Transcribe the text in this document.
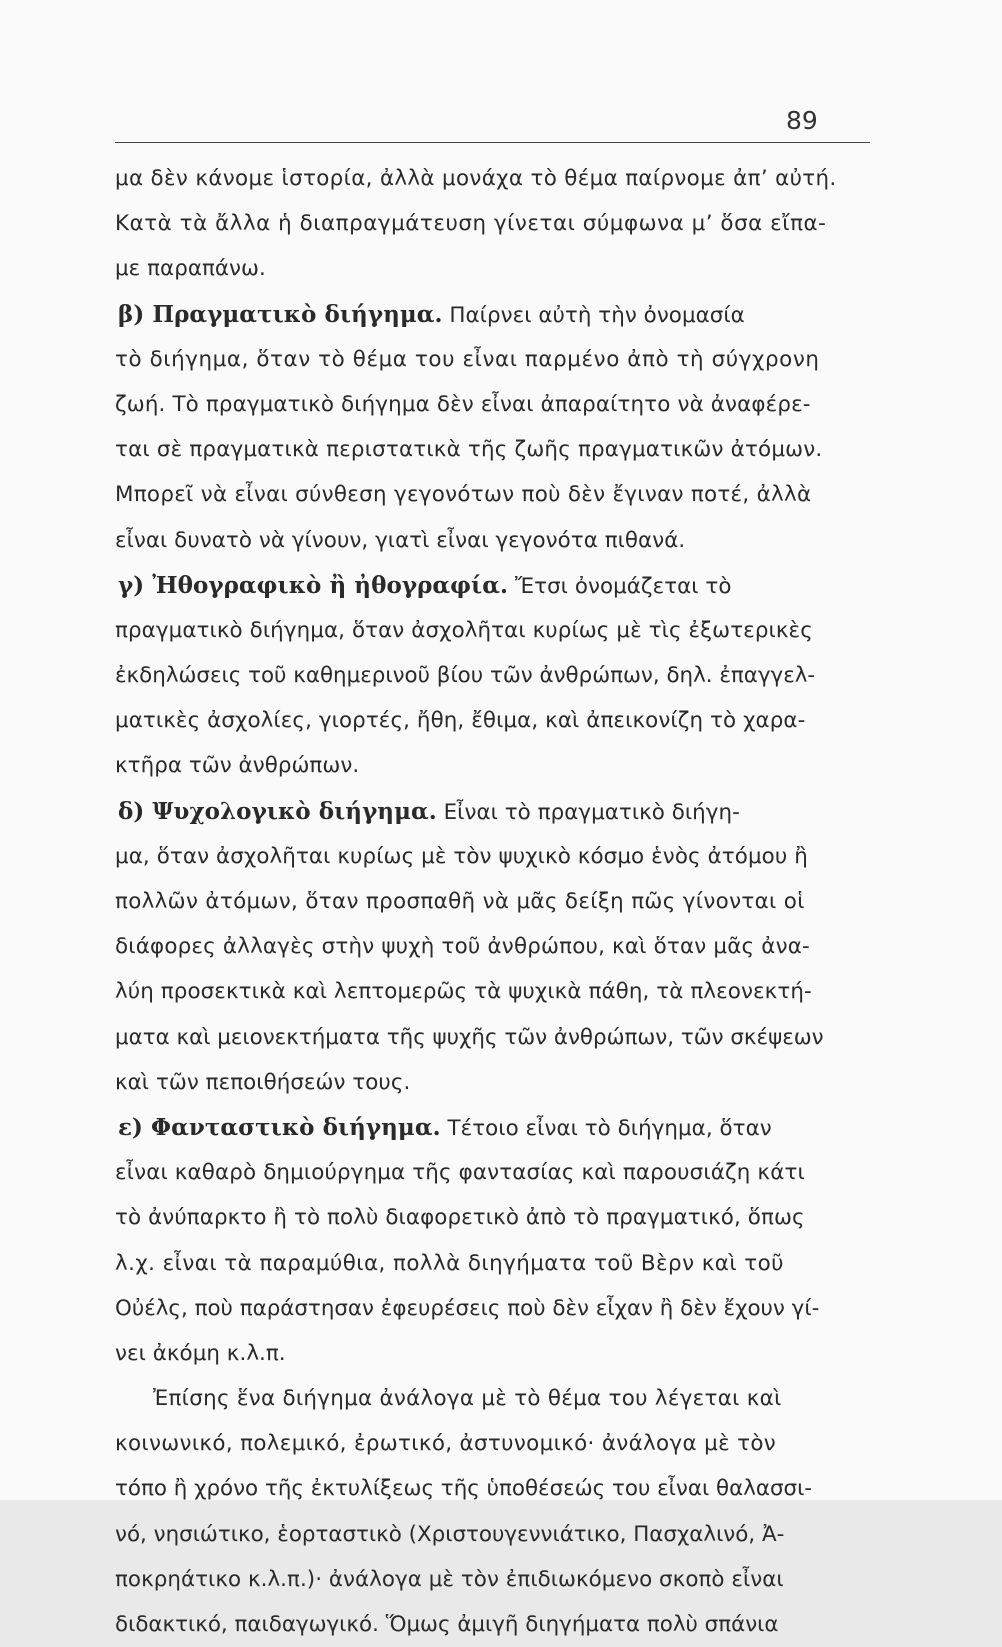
89
μα δὲν κάνομε ἱστορία, ἀλλὰ μονάχα τὸ θέμα παίρνομε ἀπ’ αὐτή.
Κατὰ τὰ ἄλλα ἡ διαπραγμάτευση γίνεται σύμφωνα μ’ ὅσα εἴπα-
με παραπάνω.
β) Πραγματικὸ διήγημα. Παίρνει αὐτὴ τὴν ὀνομασία
τὸ διήγημα, ὅταν τὸ θέμα του εἶναι παρμένο ἀπὸ τὴ σύγχρονη
ζωή. Τὸ πραγματικὸ διήγημα δὲν εἶναι ἀπαραίτητο νὰ ἀναφέρε-
ται σὲ πραγματικὰ περιστατικὰ τῆς ζωῆς πραγματικῶν ἀτόμων.
Μπορεῖ νὰ εἶναι σύνθεση γεγονότων ποὺ δὲν ἔγιναν ποτέ, ἀλλὰ
εἶναι δυνατὸ νὰ γίνουν, γιατὶ εἶναι γεγονότα πιθανά.
γ) Ἠθογραφικὸ ἢ ἠθογραφία. Ἔτσι ὀνομάζεται τὸ
πραγματικὸ διήγημα, ὅταν ἀσχολῆται κυρίως μὲ τὶς ἐξωτερικὲς
ἐκδηλώσεις τοῦ καθημερινοῦ βίου τῶν ἀνθρώπων, δηλ. ἐπαγγελ-
ματικὲς ἀσχολίες, γιορτές, ἤθη, ἔθιμα, καὶ ἀπεικονίζη τὸ χαρα-
κτῆρα τῶν ἀνθρώπων.
δ) Ψυχολογικὸ διήγημα. Εἶναι τὸ πραγματικὸ διήγη-
μα, ὅταν ἀσχολῆται κυρίως μὲ τὸν ψυχικὸ κόσμο ἑνὸς ἀτόμου ἢ
πολλῶν ἀτόμων, ὅταν προσπαθῆ νὰ μᾶς δείξη πῶς γίνονται οἱ
διάφορες ἀλλαγὲς στὴν ψυχὴ τοῦ ἀνθρώπου, καὶ ὅταν μᾶς ἀνα-
λύη προσεκτικὰ καὶ λεπτομερῶς τὰ ψυχικὰ πάθη, τὰ πλεονεκτή-
ματα καὶ μειονεκτήματα τῆς ψυχῆς τῶν ἀνθρώπων, τῶν σκέψεων
καὶ τῶν πεποιθήσεών τους.
ε) Φανταστικὸ διήγημα. Τέτοιο εἶναι τὸ διήγημα, ὅταν
εἶναι καθαρὸ δημιούργημα τῆς φαντασίας καὶ παρουσιάζη κάτι
τὸ ἀνύπαρκτο ἢ τὸ πολὺ διαφορετικὸ ἀπὸ τὸ πραγματικό, ὅπως
λ.χ. εἶναι τὰ παραμύθια, πολλὰ διηγήματα τοῦ Βὲρν καὶ τοῦ
Οὐέλς, ποὺ παράστησαν ἐφευρέσεις ποὺ δὲν εἶχαν ἢ δὲν ἔχουν γί-
νει ἀκόμη κ.λ.π.
Ἐπίσης ἕνα διήγημα ἀνάλογα μὲ τὸ θέμα του λέγεται καὶ
κοινωνικό, πολεμικό, ἐρωτικό, ἀστυνομικό· ἀνάλογα μὲ τὸν
τόπο ἢ χρόνο τῆς ἐκτυλίξεως τῆς ὑποθέσεώς του εἶναι θαλασσι-
νό, νησιώτικο, ἑορταστικὸ (Χριστουγεννιάτικο, Πασχαλινό, Ἀ-
ποκρηάτικο κ.λ.π.)· ἀνάλογα μὲ τὸν ἐπιδιωκόμενο σκοπὸ εἶναι
διδακτικό, παιδαγωγικό. Ὅμως ἀμιγῆ διηγήματα πολὺ σπάνια
